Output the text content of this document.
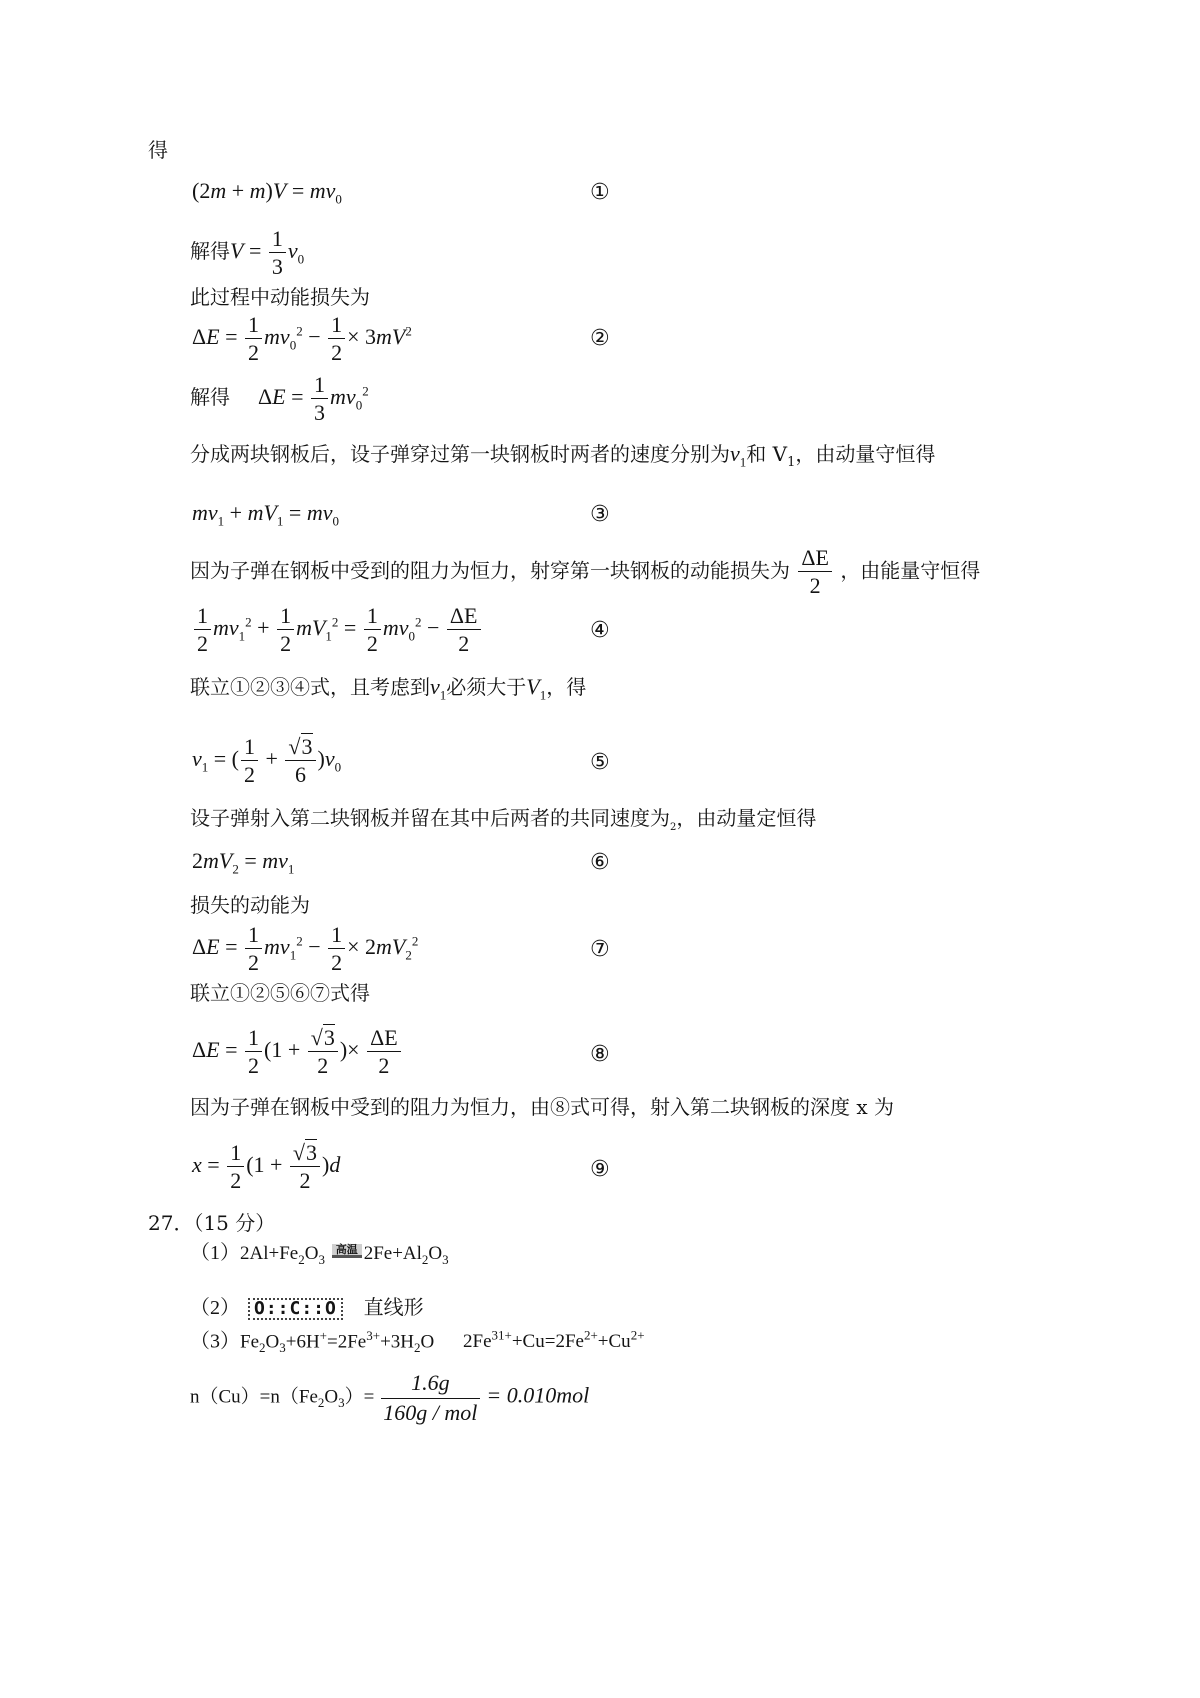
得
$(2m + m)V = mv_0$	①
解得$V = \frac{1}{3} v_0$
此过程中动能损失为
$\Delta E = \frac{1}{2} mv_0^2 - \frac{1}{2} \times 3mV^2$	②
解得 $\Delta E = \frac{1}{3} mv_0^2$
分成两块钢板后，设子弹穿过第一块钢板时两者的速度分别为$v_1$和 $V_1$，由动量守恒得
$mv_1 + mV_1 = mv_0$	③
因为子弹在钢板中受到的阻力为恒力，射穿第一块钢板的动能损失为 $\frac{\Delta E}{2}$ ，由能量守恒得
$\frac{1}{2} mv_1^2 + \frac{1}{2} mV_1^2 = \frac{1}{2} mv_0^2 - \frac{\Delta E}{2}$	④
联立①②③④式，且考虑到$v_1$必须大于$V_1$，得
$v_1$ = ( $\frac{1}{2} + \frac{√3}{6} )v_0$	⑤
设子弹射入第二块钢板并留在其中后两者的共同速度为$_2$，由动量定恒得
$2mV_2 = mv_1$	⑥
损失的动能为
$\Delta E = \frac{1}{2} mv_1^2 - \frac{1}{2} \times 2mV_2^2$	⑦
联立①②⑤⑥⑦式得
$\Delta E = \frac{1}{2} (1 + \frac{√3}{2}$ )× $\frac{\Delta E}{2}$	⑧
因为子弹在钢板中受到的阻力为恒力，由⑧式可得，射入第二块钢板的深度 x 为
$x = \frac{1}{2} (1 + \frac{√3}{2} )d$	⑨
27．（15 分）
$(1)2Al+Fe_2O_3$ 高温 $2Fe+Al_2O_3$
（2） O::C::O 直线形
$(3)Fe_2O_3+6H^+=2Fe^{3+}+3H_2O$ $2Fe^{31+}+Cu=2Fe^{2+}+Cu^{2+}$
$n(Cu)=n(Fe_2O_3)= \frac{1.6g}{\text{160g / mol}} = 0.010mol$
